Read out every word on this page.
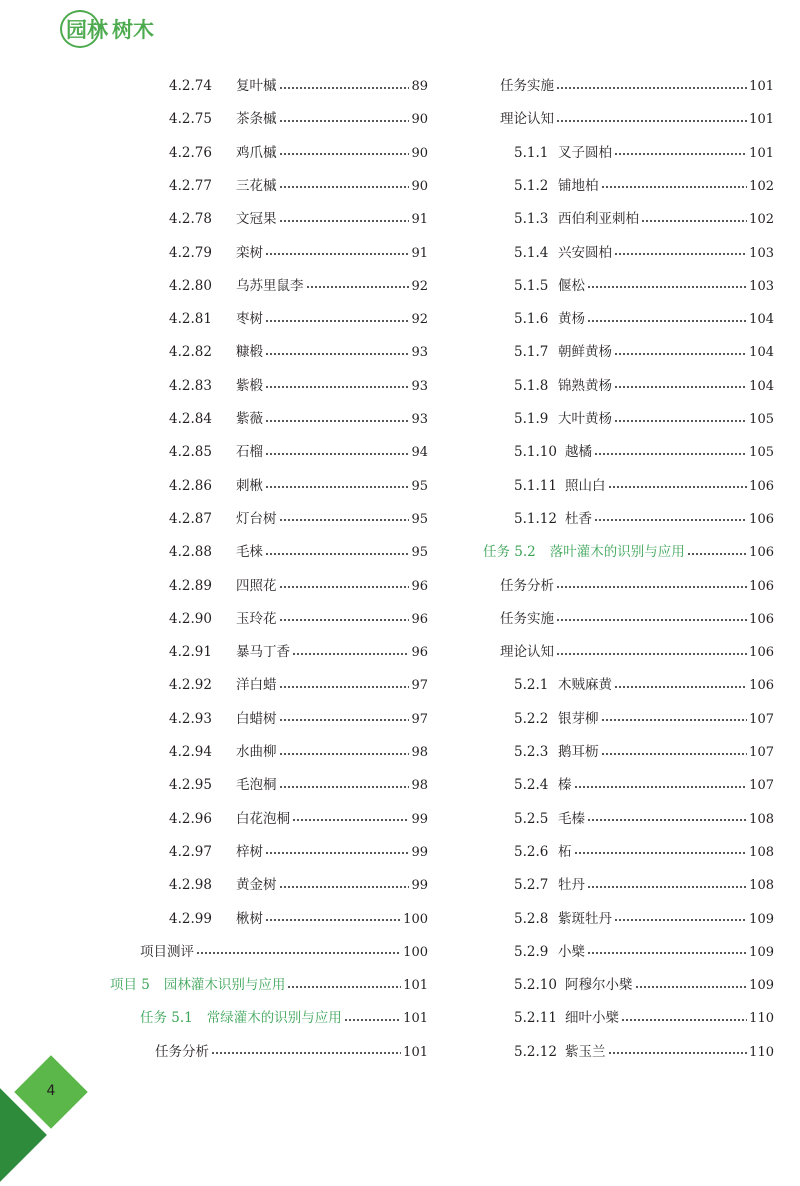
园林 树木
4.2.74	复叶槭	89
4.2.75	茶条槭	90
4.2.76	鸡爪槭	90
4.2.77	三花槭	90
4.2.78	文冠果	91
4.2.79	栾树	91
4.2.80	乌苏里鼠李	92
4.2.81	枣树	92
4.2.82	糠椴	93
4.2.83	紫椴	93
4.2.84	紫薇	93
4.2.85	石榴	94
4.2.86	刺楸	95
4.2.87	灯台树	95
4.2.88	毛梾	95
4.2.89	四照花	96
4.2.90	玉玲花	96
4.2.91	暴马丁香	96
4.2.92	洋白蜡	97
4.2.93	白蜡树	97
4.2.94	水曲柳	98
4.2.95	毛泡桐	98
4.2.96	白花泡桐	99
4.2.97	梓树	99
4.2.98	黄金树	99
4.2.99	楸树	100
项目测评	100
项目 5 园林灌木识别与应用	101
任务 5.1 常绿灌木的识别与应用	101
任务分析	101
任务实施	101
理论认知	101
5.1.1 叉子圆柏	101
5.1.2 铺地柏	102
5.1.3 西伯利亚刺柏	102
5.1.4 兴安圆柏	103
5.1.5 偃松	103
5.1.6 黄杨	104
5.1.7 朝鲜黄杨	104
5.1.8 锦熟黄杨	104
5.1.9 大叶黄杨	105
5.1.10 越橘	105
5.1.11 照山白	106
5.1.12 杜香	106
任务 5.2 落叶灌木的识别与应用	106
任务分析	106
任务实施	106
理论认知	106
5.2.1 木贼麻黄	106
5.2.2 银芽柳	107
5.2.3 鹅耳枥	107
5.2.4 榛	107
5.2.5 毛榛	108
5.2.6 柘	108
5.2.7 牡丹	108
5.2.8 紫斑牡丹	109
5.2.9 小檗	109
5.2.10 阿穆尔小檗	109
5.2.11 细叶小檗	110
5.2.12 紫玉兰	110
4
